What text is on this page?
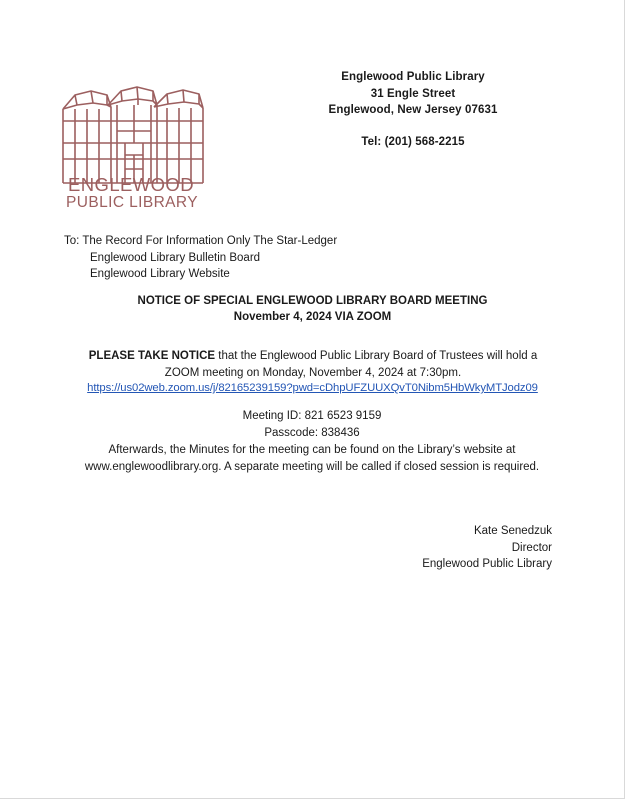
ENGLEWOOD
PUBLIC LIBRARY
Englewood Public Library
31 Engle Street
Englewood, New Jersey 07631
Tel: (201) 568-2215
To: The Record For Information Only The Star-Ledger
Englewood Library Bulletin Board
Englewood Library Website
NOTICE OF SPECIAL ENGLEWOOD LIBRARY BOARD MEETING
November 4, 2024 VIA ZOOM

PLEASE TAKE NOTICE that the Englewood Public Library Board of Trustees will hold a ZOOM meeting on Monday, November 4, 2024 at 7:30pm.

https://us02web.zoom.us/j/82165239159?pwd=cDhpUFZUUXQvT0Nibm5HbWkyMTJodz09
Meeting ID: 821 6523 9159
Passcode: 838436
Afterwards, the Minutes for the meeting can be found on the Library’s website at
www.englewoodlibrary.org. A separate meeting will be called if closed session is required.
Kate Senedzuk
Director
Englewood Public Library
